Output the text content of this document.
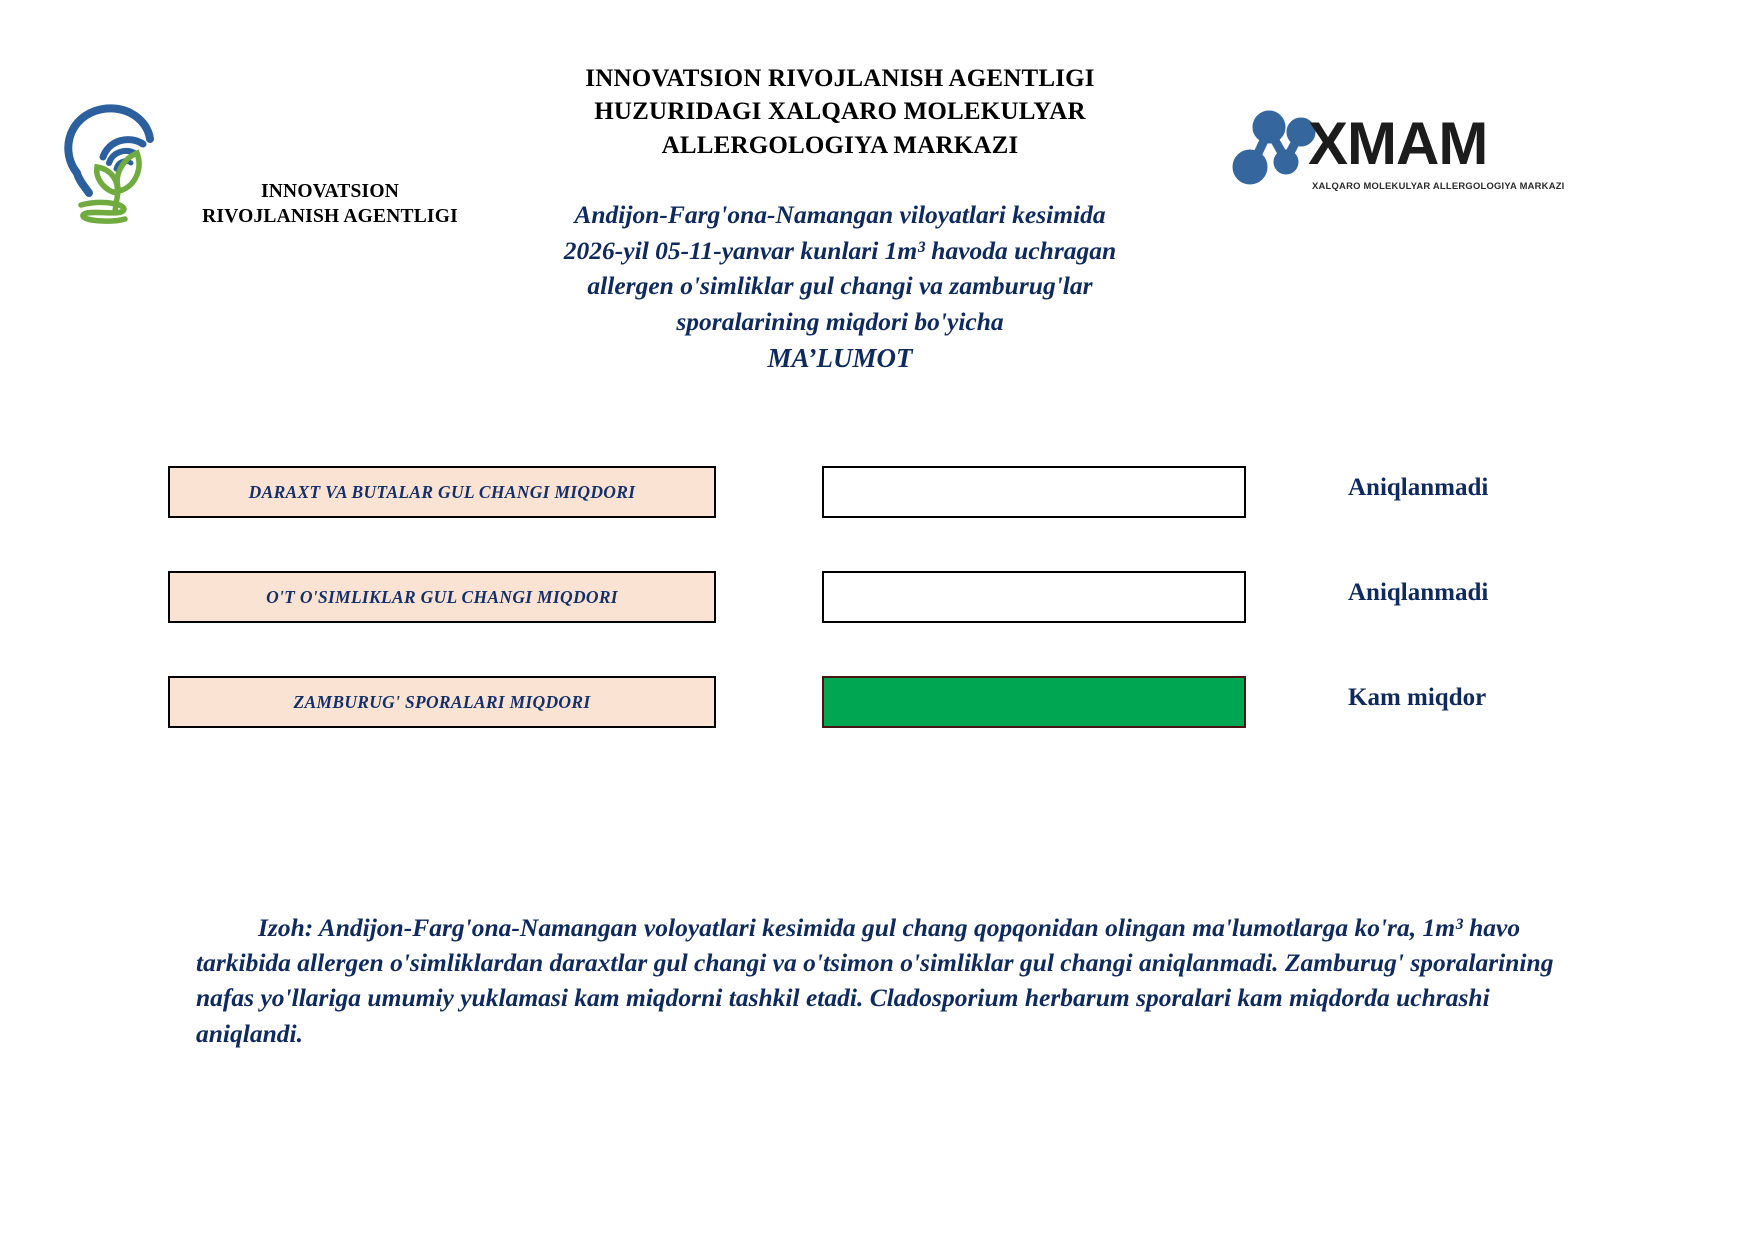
INNOVATSION
RIVOJLANISH AGENTLIGI
INNOVATSION RIVOJLANISH AGENTLIGI
HUZURIDAGI XALQARO MOLEKULYAR
ALLERGOLOGIYA MARKAZI
Andijon-Farg'ona-Namangan viloyatlari kesimida
2026-yil 05-11-yanvar kunlari 1m³ havoda uchragan
allergen o'simliklar gul changi va zamburug'lar
sporalarining miqdori bo'yicha
MA’LUMOT
XMAM
XALQARO MOLEKULYAR ALLERGOLOGIYA MARKAZI
DARAXT VA BUTALAR GUL CHANGI MIQDORI	Aniqlanmadi
O'T O'SIMLIKLAR GUL CHANGI MIQDORI	Aniqlanmadi
ZAMBURUG' SPORALARI MIQDORI	Kam miqdor
Izoh: Andijon-Farg'ona-Namangan voloyatlari kesimida gul chang qopqonidan olingan ma'lumotlarga ko'ra, 1m³ havo tarkibida allergen o'simliklardan daraxtlar gul changi va o'tsimon o'simliklar gul changi aniqlanmadi. Zamburug' sporalarining nafas yo'llariga umumiy yuklamasi kam miqdorni tashkil etadi. Cladosporium herbarum sporalari kam miqdorda uchrashi aniqlandi.
